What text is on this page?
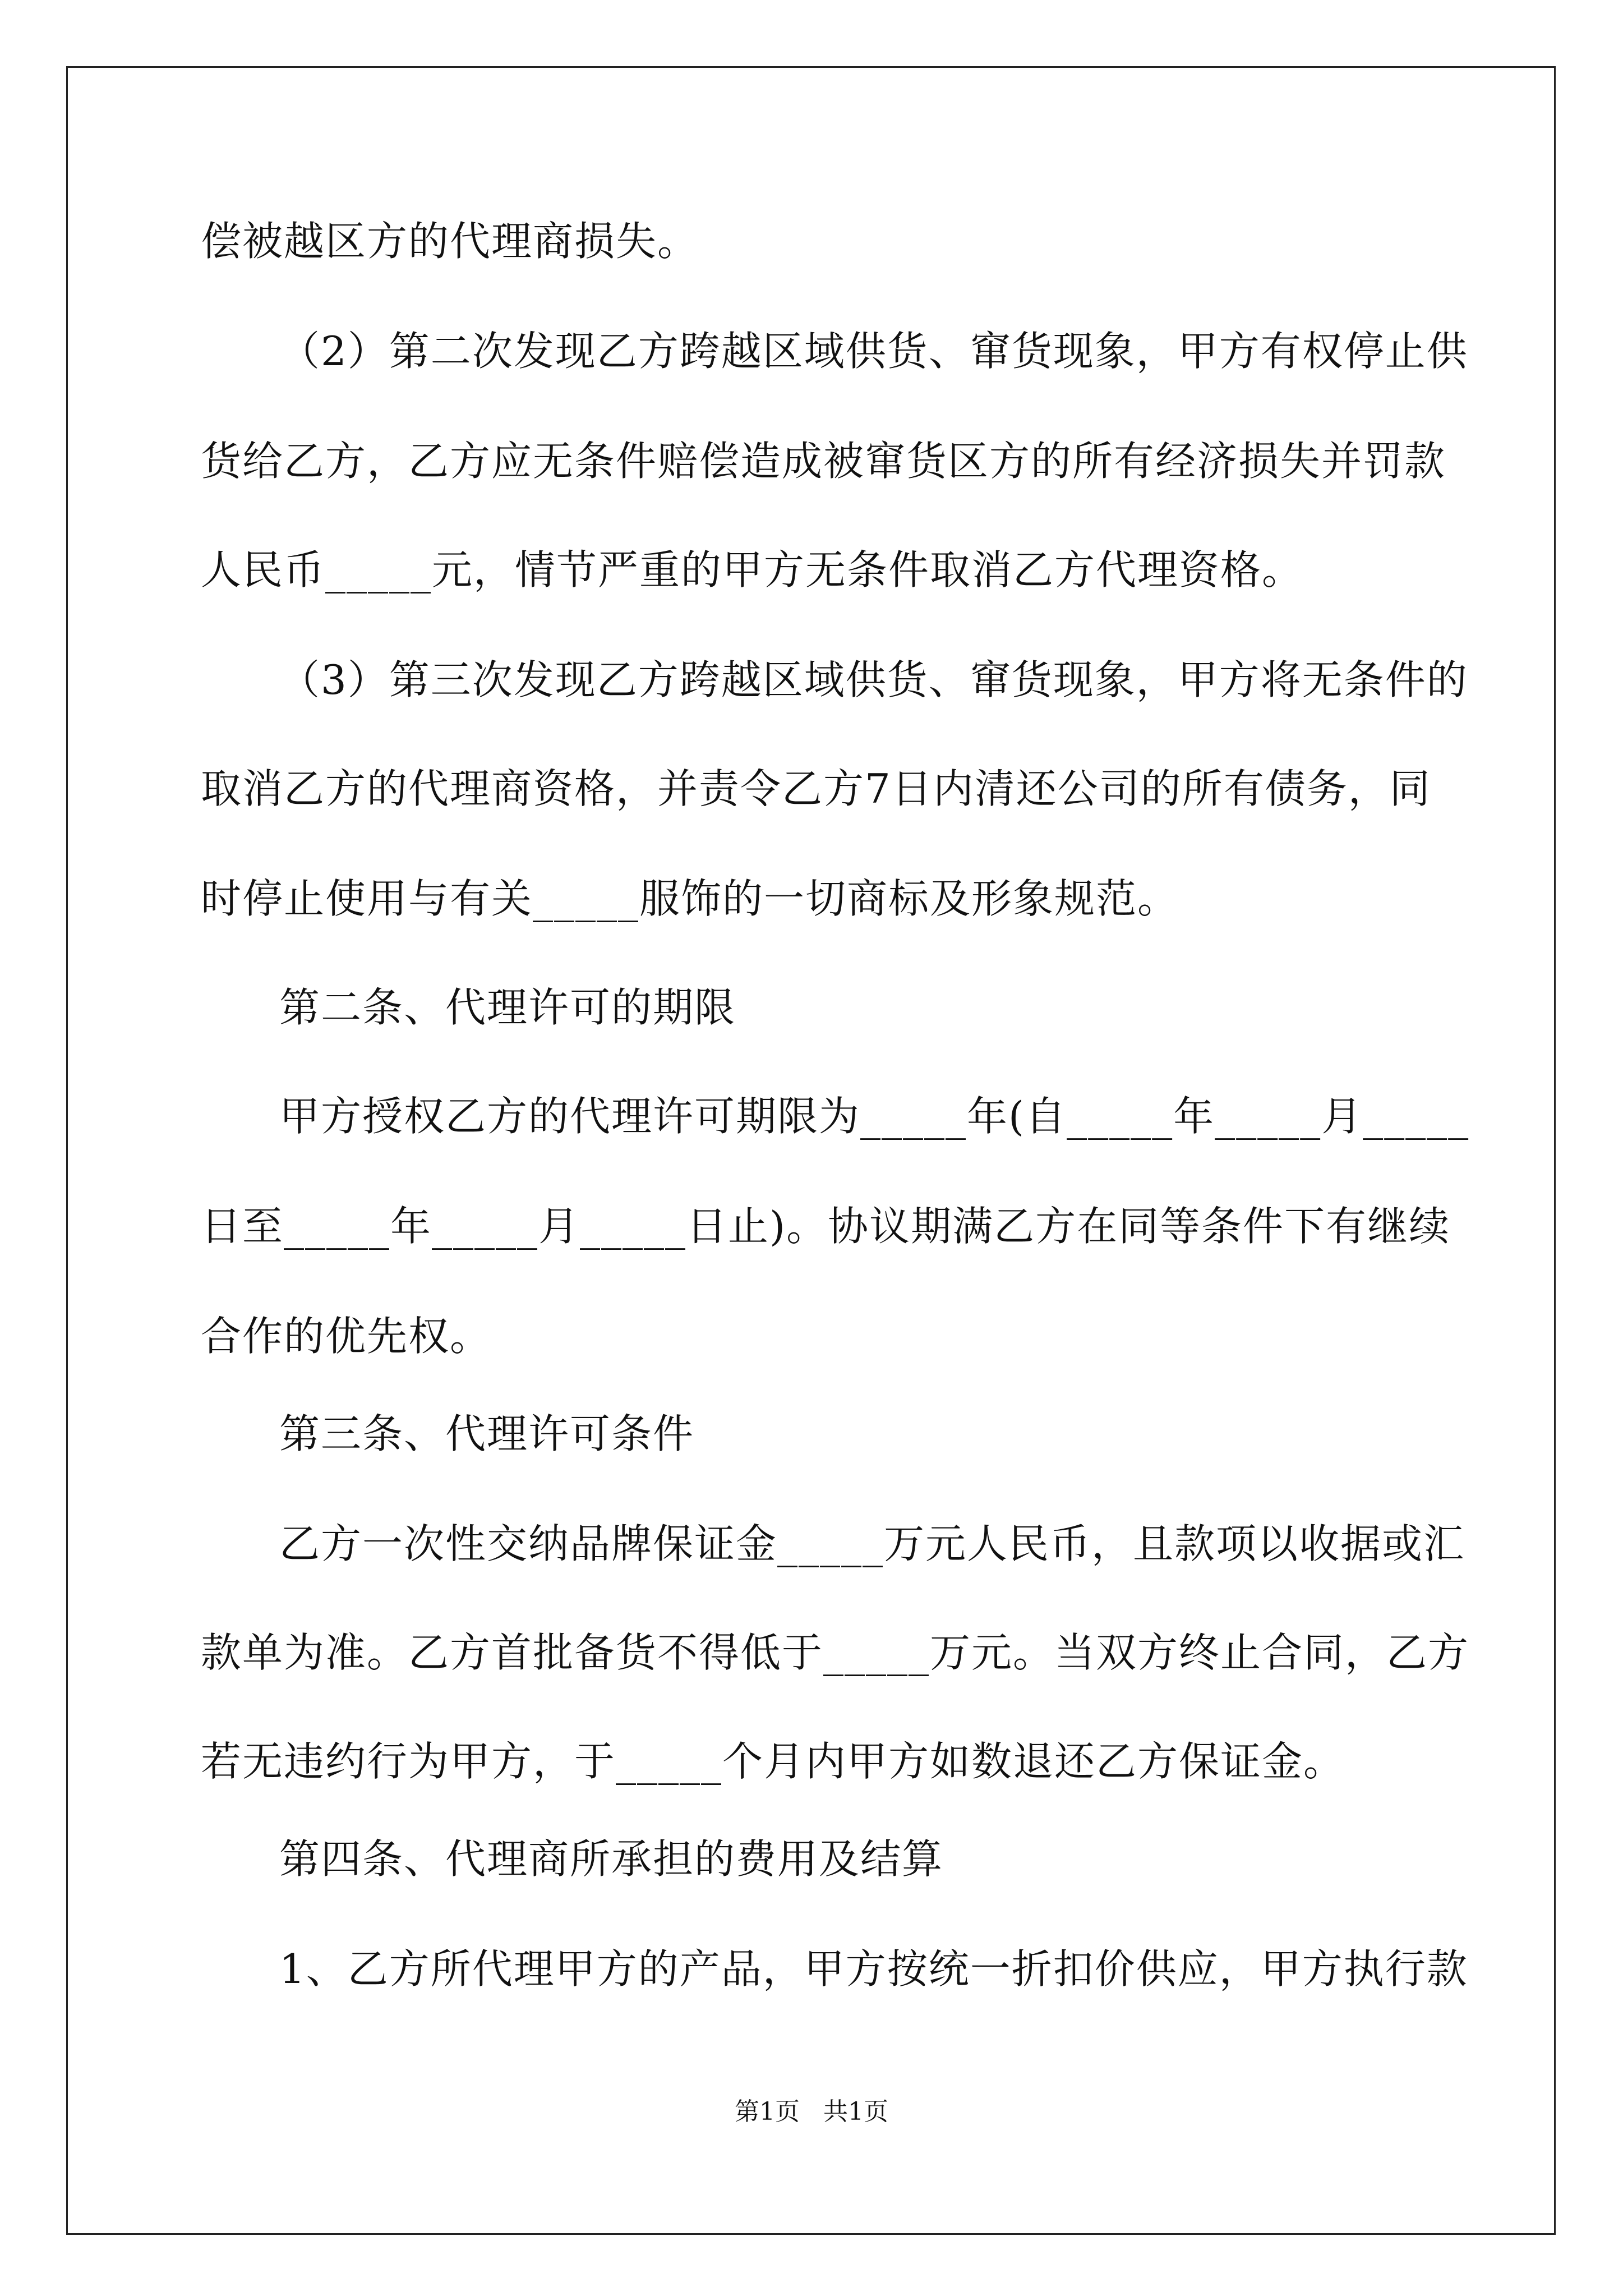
偿被越区方的代理商损失。

（2）第二次发现乙方跨越区域供货、窜货现象，甲方有权停止供

货给乙方，乙方应无条件赔偿造成被窜货区方的所有经济损失并罚款

人民币_____元，情节严重的甲方无条件取消乙方代理资格。

（3）第三次发现乙方跨越区域供货、窜货现象，甲方将无条件的

取消乙方的代理商资格，并责令乙方7日内清还公司的所有债务，同

时停止使用与有关_____服饰的一切商标及形象规范。

第二条、代理许可的期限

甲方授权乙方的代理许可期限为_____年(自_____年_____月_____

日至_____年_____月_____日止)。协议期满乙方在同等条件下有继续

合作的优先权。

第三条、代理许可条件

乙方一次性交纳品牌保证金_____万元人民币，且款项以收据或汇

款单为准。乙方首批备货不得低于_____万元。当双方终止合同，乙方

若无违约行为甲方，于_____个月内甲方如数退还乙方保证金。

第四条、代理商所承担的费用及结算

1、乙方所代理甲方的产品，甲方按统一折扣价供应，甲方执行款

第1页   共1页
